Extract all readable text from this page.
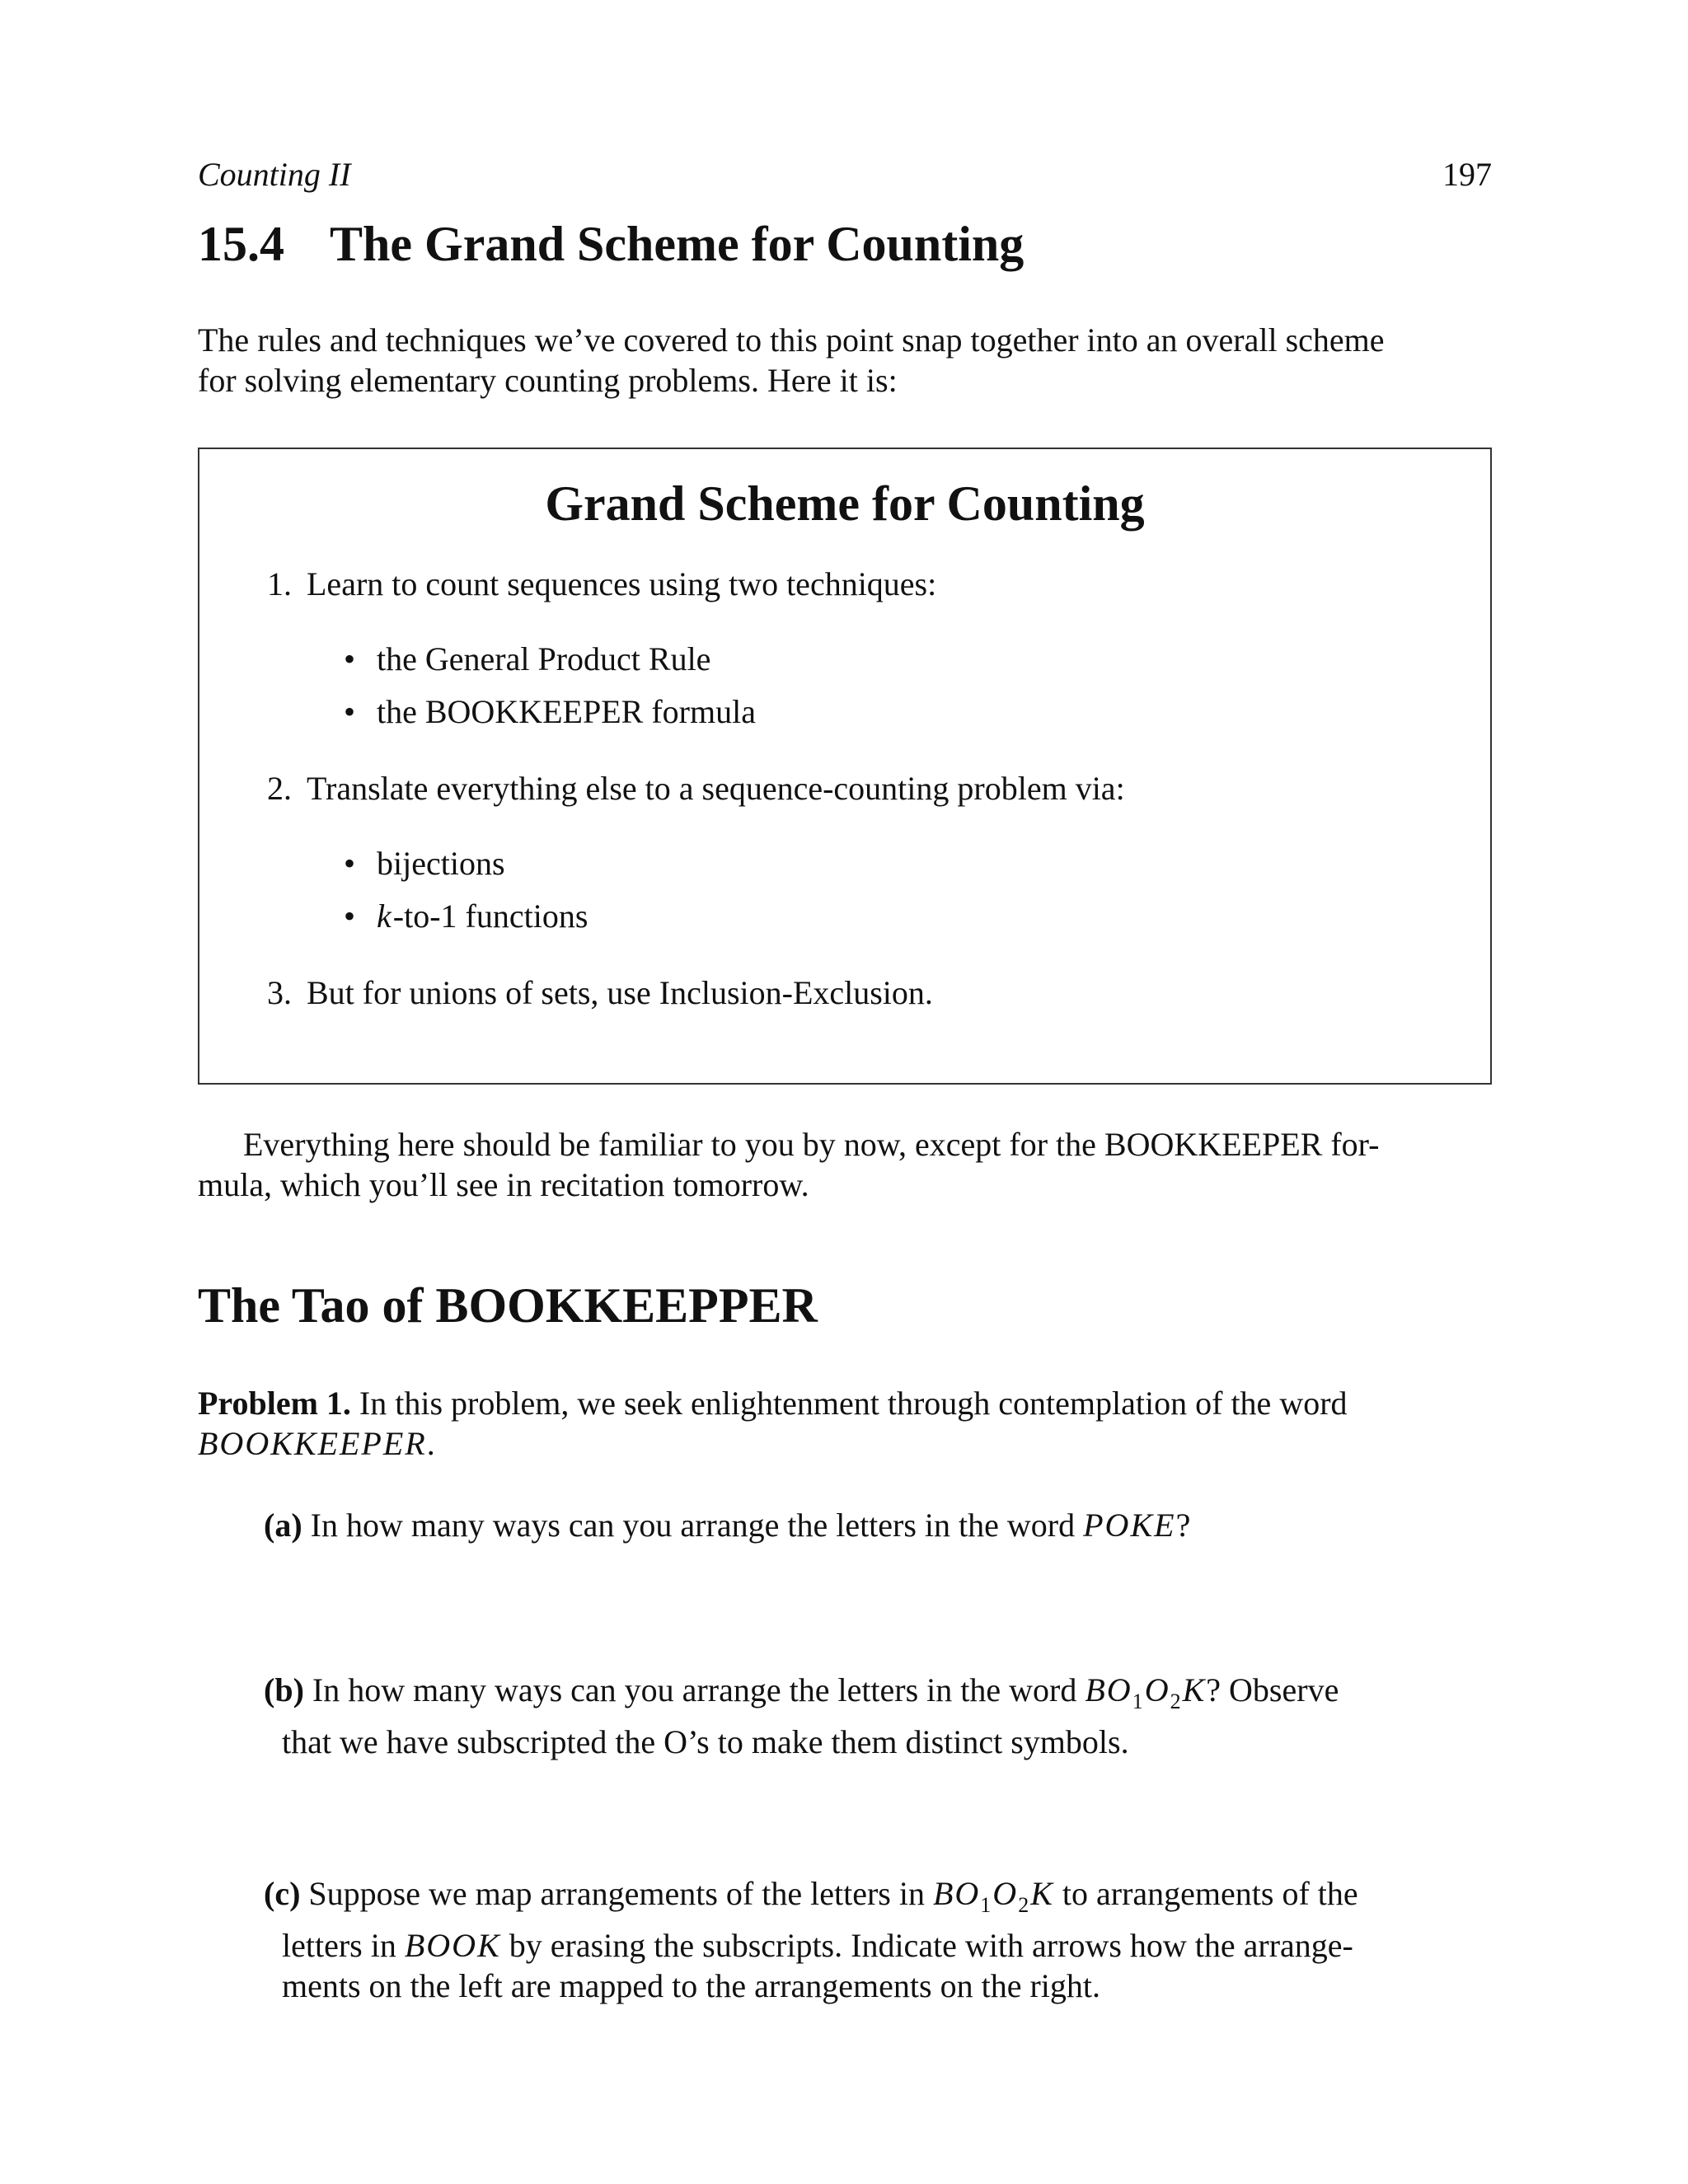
Counting II	197
15.4 The Grand Scheme for Counting

The rules and techniques we’ve covered to this point snap together into an overall scheme
for solving elementary counting problems. Here it is:

Grand Scheme for Counting
1. Learn to count sequences using two techniques:
• the General Product Rule
• the BOOKKEEPER formula
2. Translate everything else to a sequence-counting problem via:
• bijections
• k-to-1 functions
3. But for unions of sets, use Inclusion-Exclusion.

Everything here should be familiar to you by now, except for the BOOKKEEPER for-
mula, which you’ll see in recitation tomorrow.

The Tao of BOOKKEEPPER

Problem 1. In this problem, we seek enlightenment through contemplation of the word
BOOKKEEPER.

(a) In how many ways can you arrange the letters in the word POKE?

(b) In how many ways can you arrange the letters in the word $BO_1O_2K$? Observe
that we have subscripted the O’s to make them distinct symbols.

(c) Suppose we map arrangements of the letters in $BO_1O_2K$ to arrangements of the
letters in BOOK by erasing the subscripts. Indicate with arrows how the arrange-
ments on the left are mapped to the arrangements on the right.
